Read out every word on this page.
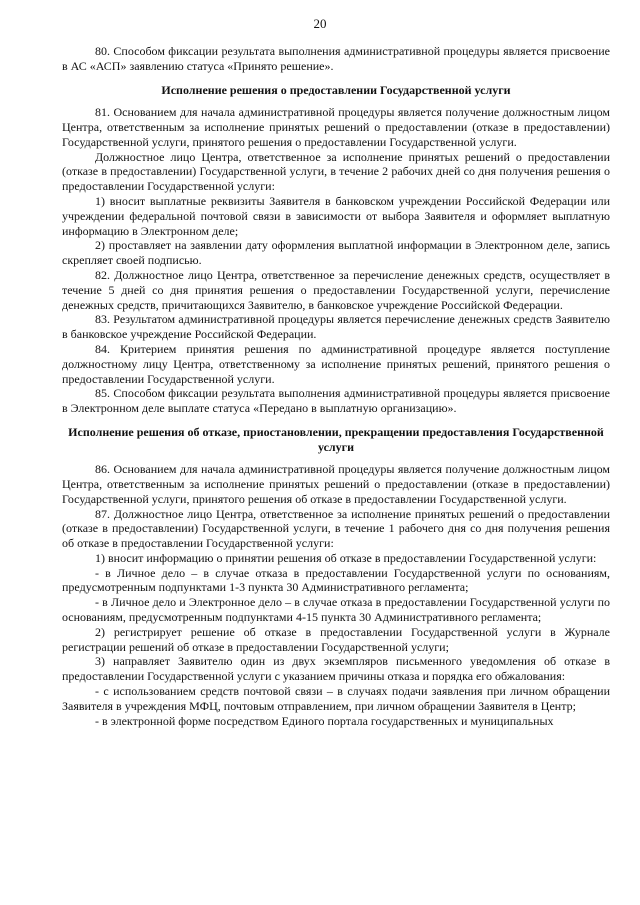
20

80. Способом фиксации результата выполнения административной процедуры является присвоение в АС «АСП» заявлению статуса «Принято решение».

Исполнение решения о предоставлении Государственной услуги

81. Основанием для начала административной процедуры является получение должностным лицом Центра, ответственным за исполнение принятых решений о предоставлении (отказе в предоставлении) Государственной услуги, принятого решения о предоставлении Государственной услуги.

Должностное лицо Центра, ответственное за исполнение принятых решений о предоставлении (отказе в предоставлении) Государственной услуги, в течение 2 рабочих дней со дня получения решения о предоставлении Государственной услуги:

1) вносит выплатные реквизиты Заявителя в банковском учреждении Российской Федерации или учреждении федеральной почтовой связи в зависимости от выбора Заявителя и оформляет выплатную информацию в Электронном деле;

2) проставляет на заявлении дату оформления выплатной информации в Электронном деле, запись скрепляет своей подписью.

82. Должностное лицо Центра, ответственное за перечисление денежных средств, осуществляет в течение 5 дней со дня принятия решения о предоставлении Государственной услуги, перечисление денежных средств, причитающихся Заявителю, в банковское учреждение Российской Федерации.

83. Результатом административной процедуры является перечисление денежных средств Заявителю в банковское учреждение Российской Федерации.

84. Критерием принятия решения по административной процедуре является поступление должностному лицу Центра, ответственному за исполнение принятых решений, принятого решения о предоставлении Государственной услуги.

85. Способом фиксации результата выполнения административной процедуры является присвоение в Электронном деле выплате статуса «Передано в выплатную организацию».

Исполнение решения об отказе, приостановлении, прекращении предоставления Государственной услуги

86. Основанием для начала административной процедуры является получение должностным лицом Центра, ответственным за исполнение принятых решений о предоставлении (отказе в предоставлении) Государственной услуги, принятого решения об отказе в предоставлении Государственной услуги.

87. Должностное лицо Центра, ответственное за исполнение принятых решений о предоставлении (отказе в предоставлении) Государственной услуги, в течение 1 рабочего дня со дня получения решения об отказе в предоставлении Государственной услуги:

1) вносит информацию о принятии решения об отказе в предоставлении Государственной услуги:

- в Личное дело – в случае отказа в предоставлении Государственной услуги по основаниям, предусмотренным подпунктами 1-3 пункта 30 Административного регламента;

- в Личное дело и Электронное дело – в случае отказа в предоставлении Государственной услуги по основаниям, предусмотренным подпунктами 4-15 пункта 30 Административного регламента;

2) регистрирует решение об отказе в предоставлении Государственной услуги в Журнале регистрации решений об отказе в предоставлении Государственной услуги;

3) направляет Заявителю один из двух экземпляров письменного уведомления об отказе в предоставлении Государственной услуги с указанием причины отказа и порядка его обжалования:

- с использованием средств почтовой связи – в случаях подачи заявления при личном обращении Заявителя в учреждения МФЦ, почтовым отправлением, при личном обращении Заявителя в Центр;

- в электронной форме посредством Единого портала государственных и муниципальных
